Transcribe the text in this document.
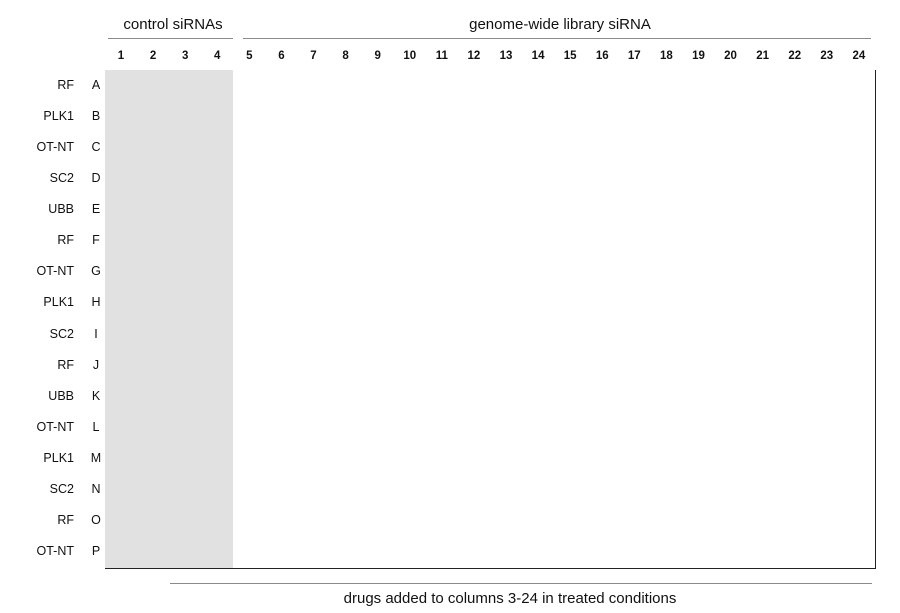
control siRNAs	genome-wide library siRNA
1	2	3	4	5	6	7	8	9	10	11	12	13	14	15	16	17	18	19	20	21	22	23	24
RF	A
PLK1	B
OT-NT	C
SC2	D
UBB	E
RF	F
OT-NT	G
PLK1	H
SC2	I
RF	J
UBB	K
OT-NT	L
PLK1	M
SC2	N
RF	O
OT-NT	P
drugs added to columns 3-24 in treated conditions
